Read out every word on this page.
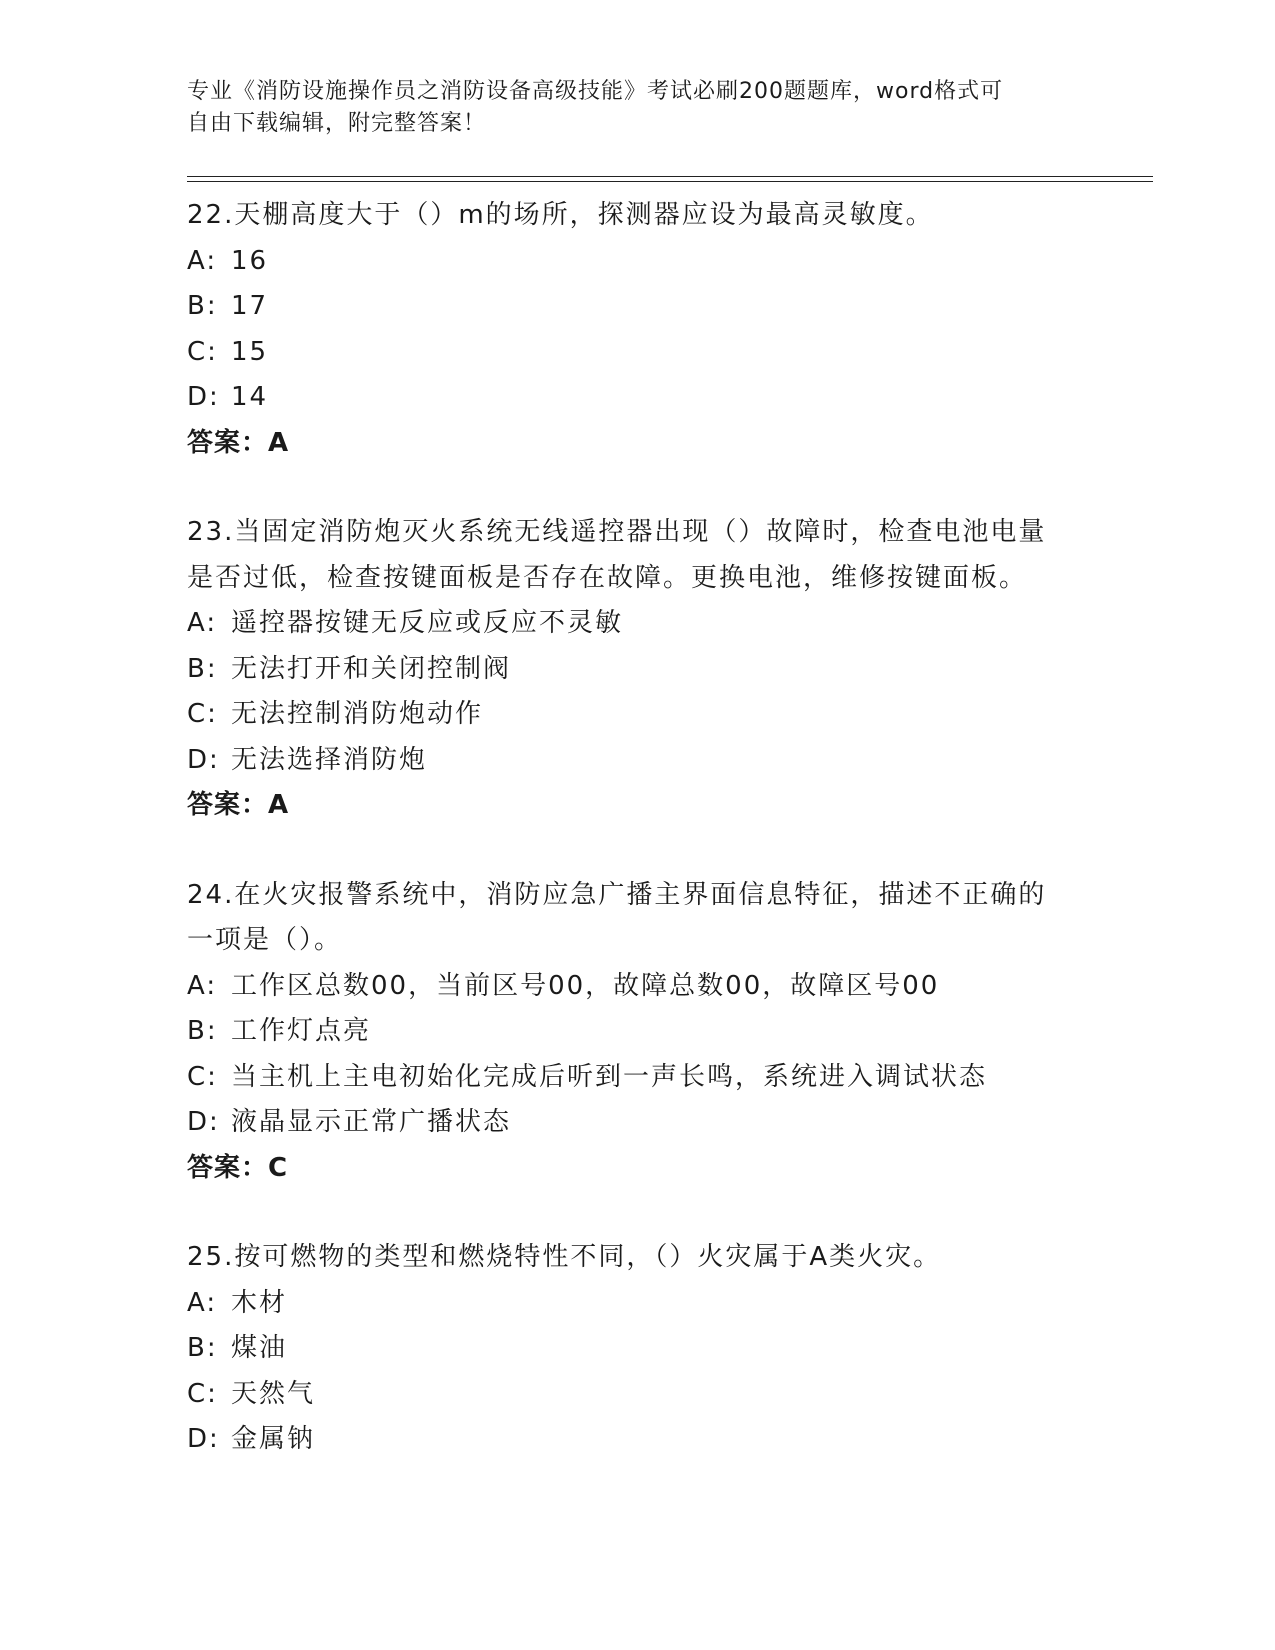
专业《消防设施操作员之消防设备高级技能》考试必刷200题题库，word格式可
自由下载编辑，附完整答案！
22.天棚高度大于（）m的场所，探测器应设为最高灵敏度。
A: 16
B: 17
C: 15
D: 14
答案：A
23.当固定消防炮灭火系统无线遥控器出现（）故障时，检查电池电量
是否过低，检查按键面板是否存在故障。更换电池，维修按键面板。
A: 遥控器按键无反应或反应不灵敏
B: 无法打开和关闭控制阀
C: 无法控制消防炮动作
D: 无法选择消防炮
答案：A
24.在火灾报警系统中，消防应急广播主界面信息特征，描述不正确的
一项是（）。
A: 工作区总数00，当前区号00，故障总数00，故障区号00
B: 工作灯点亮
C: 当主机上主电初始化完成后听到一声长鸣，系统进入调试状态
D: 液晶显示正常广播状态
答案：C
25.按可燃物的类型和燃烧特性不同，（）火灾属于A类火灾。
A: 木材
B: 煤油
C: 天然气
D: 金属钠
